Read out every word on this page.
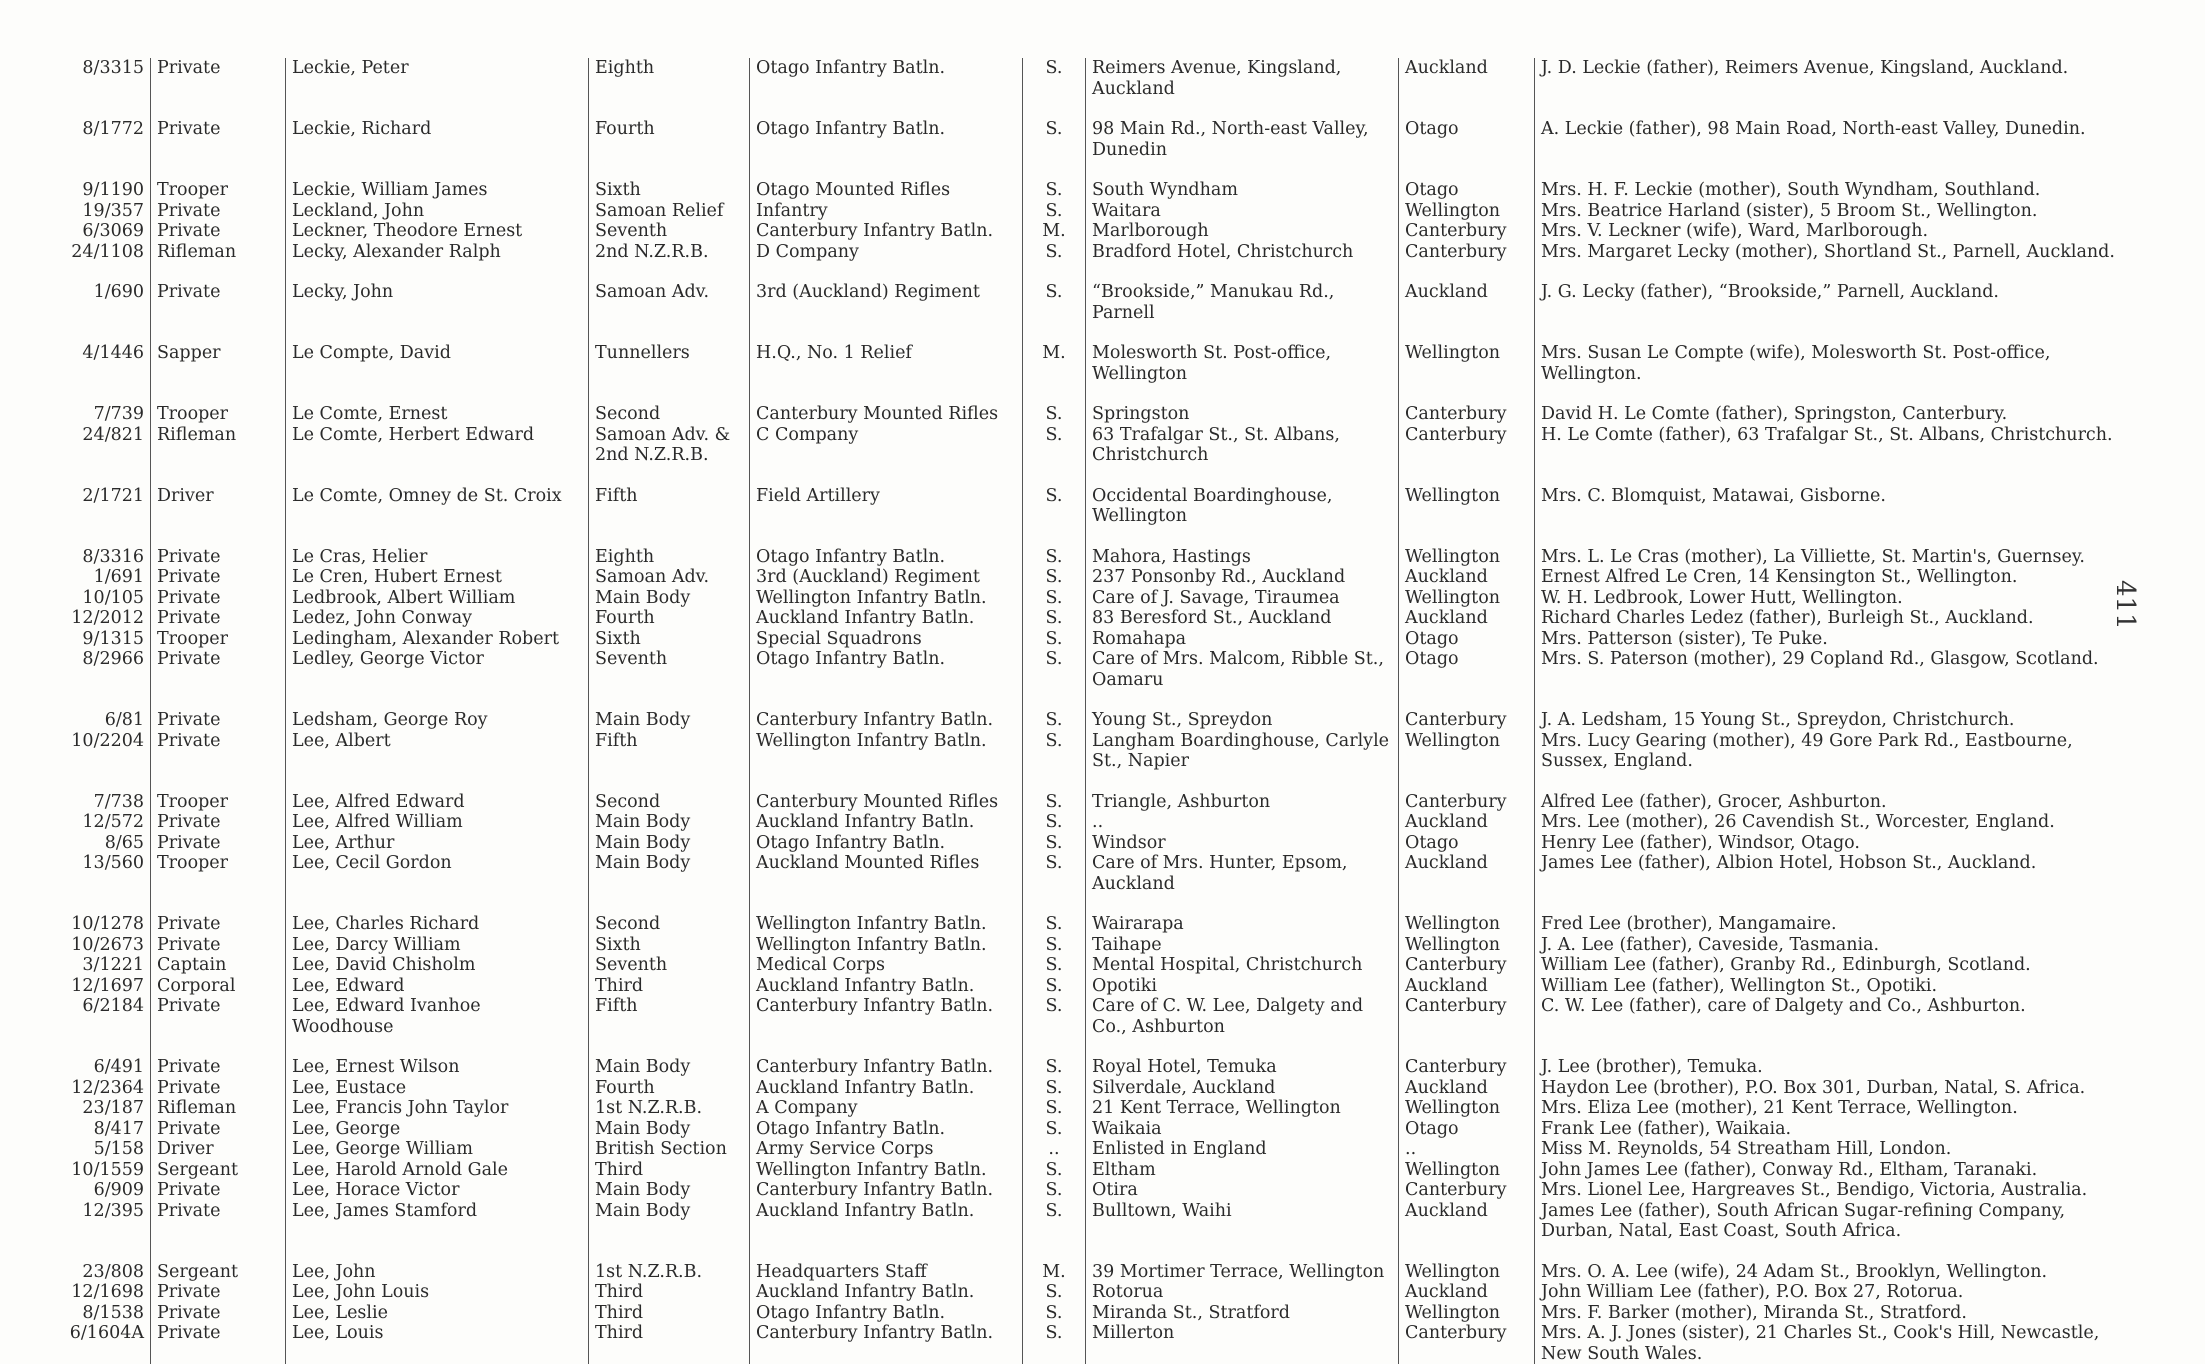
8/3315	Private	Leckie, Peter	Eighth	Otago Infantry Batln.	S.	Reimers Avenue, Kingsland, Auckland	Auckland	J. D. Leckie (father), Reimers Avenue, Kingsland, Auckland.
8/1772	Private	Leckie, Richard	Fourth	Otago Infantry Batln.	S.	98 Main Rd., North-east Valley, Dunedin	Otago	A. Leckie (father), 98 Main Road, North-east Valley, Dunedin.
9/1190	Trooper	Leckie, William James	Sixth	Otago Mounted Rifles	S.	South Wyndham	Otago	Mrs. H. F. Leckie (mother), South Wyndham, Southland.
19/357	Private	Leckland, John	Samoan Relief	Infantry	S.	Waitara	Wellington	Mrs. Beatrice Harland (sister), 5 Broom St., Wellington.
6/3069	Private	Leckner, Theodore Ernest	Seventh	Canterbury Infantry Batln.	M.	Marlborough	Canterbury	Mrs. V. Leckner (wife), Ward, Marlborough.
24/1108	Rifleman	Lecky, Alexander Ralph	2nd N.Z.R.B.	D Company	S.	Bradford Hotel, Christchurch	Canterbury	Mrs. Margaret Lecky (mother), Shortland St., Parnell, Auckland.
1/690	Private	Lecky, John	Samoan Adv.	3rd (Auckland) Regiment	S.	“Brookside,” Manukau Rd., Parnell	Auckland	J. G. Lecky (father), “Brookside,” Parnell, Auckland.
4/1446	Sapper	Le Compte, David	Tunnellers	H.Q., No. 1 Relief	M.	Molesworth St. Post-office, Wellington	Wellington	Mrs. Susan Le Compte (wife), Molesworth St. Post-office, Wellington.
7/739	Trooper	Le Comte, Ernest	Second	Canterbury Mounted Rifles	S.	Springston	Canterbury	David H. Le Comte (father), Springston, Canterbury.
24/821	Rifleman	Le Comte, Herbert Edward	Samoan Adv. & 2nd N.Z.R.B.	C Company	S.	63 Trafalgar St., St. Albans, Christchurch	Canterbury	H. Le Comte (father), 63 Trafalgar St., St. Albans, Christchurch.
2/1721	Driver	Le Comte, Omney de St. Croix	Fifth	Field Artillery	S.	Occidental Boardinghouse, Wellington	Wellington	Mrs. C. Blomquist, Matawai, Gisborne.
8/3316	Private	Le Cras, Helier	Eighth	Otago Infantry Batln.	S.	Mahora, Hastings	Wellington	Mrs. L. Le Cras (mother), La Villiette, St. Martin's, Guernsey.
1/691	Private	Le Cren, Hubert Ernest	Samoan Adv.	3rd (Auckland) Regiment	S.	237 Ponsonby Rd., Auckland	Auckland	Ernest Alfred Le Cren, 14 Kensington St., Wellington.
10/105	Private	Ledbrook, Albert William	Main Body	Wellington Infantry Batln.	S.	Care of J. Savage, Tiraumea	Wellington	W. H. Ledbrook, Lower Hutt, Wellington.
12/2012	Private	Ledez, John Conway	Fourth	Auckland Infantry Batln.	S.	83 Beresford St., Auckland	Auckland	Richard Charles Ledez (father), Burleigh St., Auckland.
9/1315	Trooper	Ledingham, Alexander Robert	Sixth	Special Squadrons	S.	Romahapa	Otago	Mrs. Patterson (sister), Te Puke.
8/2966	Private	Ledley, George Victor	Seventh	Otago Infantry Batln.	S.	Care of Mrs. Malcom, Ribble St., Oamaru	Otago	Mrs. S. Paterson (mother), 29 Copland Rd., Glasgow, Scotland.
6/81	Private	Ledsham, George Roy	Main Body	Canterbury Infantry Batln.	S.	Young St., Spreydon	Canterbury	J. A. Ledsham, 15 Young St., Spreydon, Christchurch.
10/2204	Private	Lee, Albert	Fifth	Wellington Infantry Batln.	S.	Langham Boardinghouse, Carlyle St., Napier	Wellington	Mrs. Lucy Gearing (mother), 49 Gore Park Rd., Eastbourne, Sussex, England.
7/738	Trooper	Lee, Alfred Edward	Second	Canterbury Mounted Rifles	S.	Triangle, Ashburton	Canterbury	Alfred Lee (father), Grocer, Ashburton.
12/572	Private	Lee, Alfred William	Main Body	Auckland Infantry Batln.	S.	..	Auckland	Mrs. Lee (mother), 26 Cavendish St., Worcester, England.
8/65	Private	Lee, Arthur	Main Body	Otago Infantry Batln.	S.	Windsor	Otago	Henry Lee (father), Windsor, Otago.
13/560	Trooper	Lee, Cecil Gordon	Main Body	Auckland Mounted Rifles	S.	Care of Mrs. Hunter, Epsom, Auckland	Auckland	James Lee (father), Albion Hotel, Hobson St., Auckland.
10/1278	Private	Lee, Charles Richard	Second	Wellington Infantry Batln.	S.	Wairarapa	Wellington	Fred Lee (brother), Mangamaire.
10/2673	Private	Lee, Darcy William	Sixth	Wellington Infantry Batln.	S.	Taihape	Wellington	J. A. Lee (father), Caveside, Tasmania.
3/1221	Captain	Lee, David Chisholm	Seventh	Medical Corps	S.	Mental Hospital, Christchurch	Canterbury	William Lee (father), Granby Rd., Edinburgh, Scotland.
12/1697	Corporal	Lee, Edward	Third	Auckland Infantry Batln.	S.	Opotiki	Auckland	William Lee (father), Wellington St., Opotiki.
6/2184	Private	Lee, Edward Ivanhoe Woodhouse	Fifth	Canterbury Infantry Batln.	S.	Care of C. W. Lee, Dalgety and Co., Ashburton	Canterbury	C. W. Lee (father), care of Dalgety and Co., Ashburton.
6/491	Private	Lee, Ernest Wilson	Main Body	Canterbury Infantry Batln.	S.	Royal Hotel, Temuka	Canterbury	J. Lee (brother), Temuka.
12/2364	Private	Lee, Eustace	Fourth	Auckland Infantry Batln.	S.	Silverdale, Auckland	Auckland	Haydon Lee (brother), P.O. Box 301, Durban, Natal, S. Africa.
23/187	Rifleman	Lee, Francis John Taylor	1st N.Z.R.B.	A Company	S.	21 Kent Terrace, Wellington	Wellington	Mrs. Eliza Lee (mother), 21 Kent Terrace, Wellington.
8/417	Private	Lee, George	Main Body	Otago Infantry Batln.	S.	Waikaia	Otago	Frank Lee (father), Waikaia.
5/158	Driver	Lee, George William	British Section	Army Service Corps	..	Enlisted in England	..	Miss M. Reynolds, 54 Streatham Hill, London.
10/1559	Sergeant	Lee, Harold Arnold Gale	Third	Wellington Infantry Batln.	S.	Eltham	Wellington	John James Lee (father), Conway Rd., Eltham, Taranaki.
6/909	Private	Lee, Horace Victor	Main Body	Canterbury Infantry Batln.	S.	Otira	Canterbury	Mrs. Lionel Lee, Hargreaves St., Bendigo, Victoria, Australia.
12/395	Private	Lee, James Stamford	Main Body	Auckland Infantry Batln.	S.	Bulltown, Waihi	Auckland	James Lee (father), South African Sugar-refining Company, Durban, Natal, East Coast, South Africa.
23/808	Sergeant	Lee, John	1st N.Z.R.B.	Headquarters Staff	M.	39 Mortimer Terrace, Wellington	Wellington	Mrs. O. A. Lee (wife), 24 Adam St., Brooklyn, Wellington.
12/1698	Private	Lee, John Louis	Third	Auckland Infantry Batln.	S.	Rotorua	Auckland	John William Lee (father), P.O. Box 27, Rotorua.
8/1538	Private	Lee, Leslie	Third	Otago Infantry Batln.	S.	Miranda St., Stratford	Wellington	Mrs. F. Barker (mother), Miranda St., Stratford.
6/1604A	Private	Lee, Louis	Third	Canterbury Infantry Batln.	S.	Millerton	Canterbury	Mrs. A. J. Jones (sister), 21 Charles St., Cook's Hill, Newcastle, New South Wales.
411
